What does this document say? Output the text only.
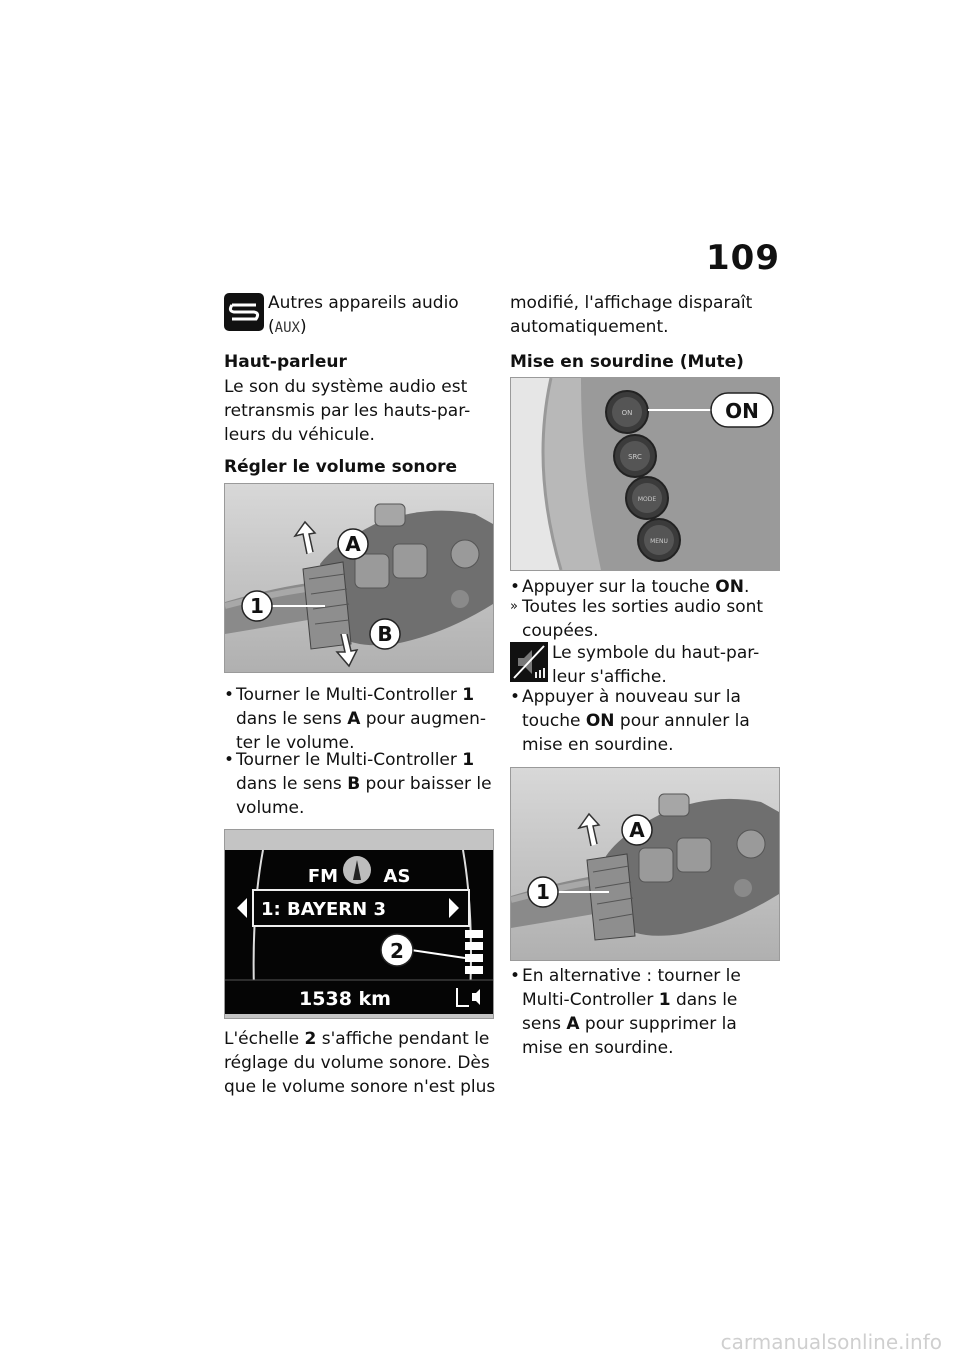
109
Autres appareils audio
(AUX)
Haut-parleur
Le son du système audio est
retransmis par les hauts-par-
leurs du véhicule.
Régler le volume sonore
A
B
1
• Tourner le Multi-Controller 1
dans le sens A pour augmen-
ter le volume.
• Tourner le Multi-Controller 1
dans le sens B pour baisser le
volume.
FM	AS
1: BAYERN 3
2
1538 km
L'échelle 2 s'affiche pendant le
réglage du volume sonore. Dès
que le volume sonore n'est plus
modifié, l'affichage disparaît
automatiquement.
Mise en sourdine (Mute)
ON
SRC
MODE
MENU
ON
• Appuyer sur la touche ON.
» Toutes les sorties audio sont
coupées.
Le symbole du haut-par-
leur s'affiche.
• Appuyer à nouveau sur la
touche ON pour annuler la
mise en sourdine.
A
1
• En alternative : tourner le
Multi-Controller 1 dans le
sens A pour supprimer la
mise en sourdine.
carmanualsonline.info
